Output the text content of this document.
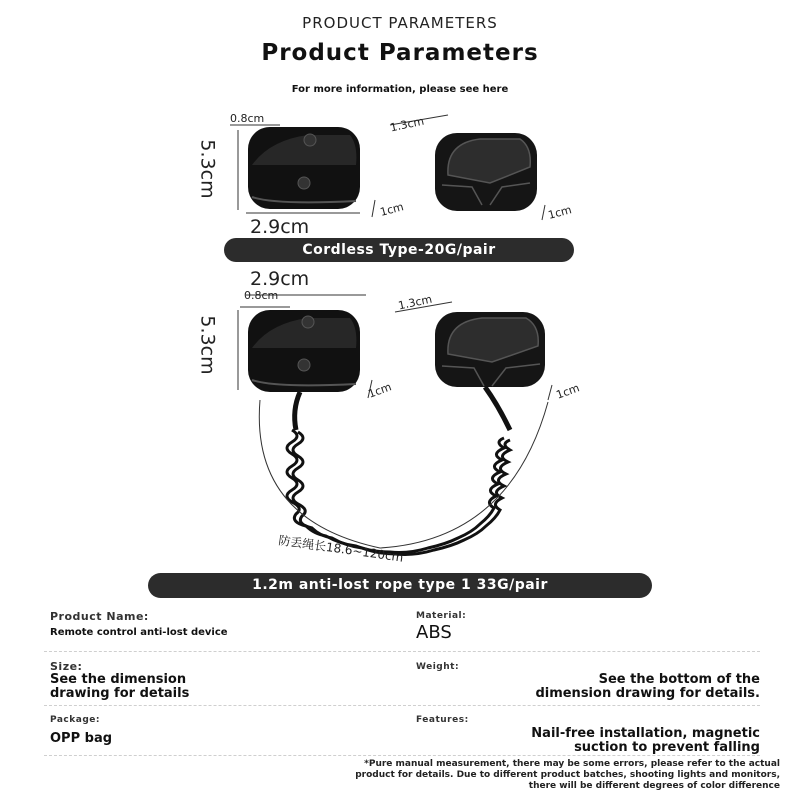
PRODUCT PARAMETERS
Product Parameters
For more information, please see here
0.8cm
5.3cm
2.9cm
1.3cm
1cm	1cm
Cordless Type-20G/pair
2.9cm
0.8cm
5.3cm
1.3cm
1cm	1cm
防丢绳长18.6~120cm
1.2m anti-lost rope type 1 33G/pair
Product Name:
Remote control anti-lost device
Material:
ABS
Size:
See the dimension
drawing for details
Weight:
See the bottom of the
dimension drawing for details.
Package:
OPP bag
Features:
Nail-free installation, magnetic
suction to prevent falling
*Pure manual measurement, there may be some errors, please refer to the actual
product for details. Due to different product batches, shooting lights and monitors,
there will be different degrees of color difference
